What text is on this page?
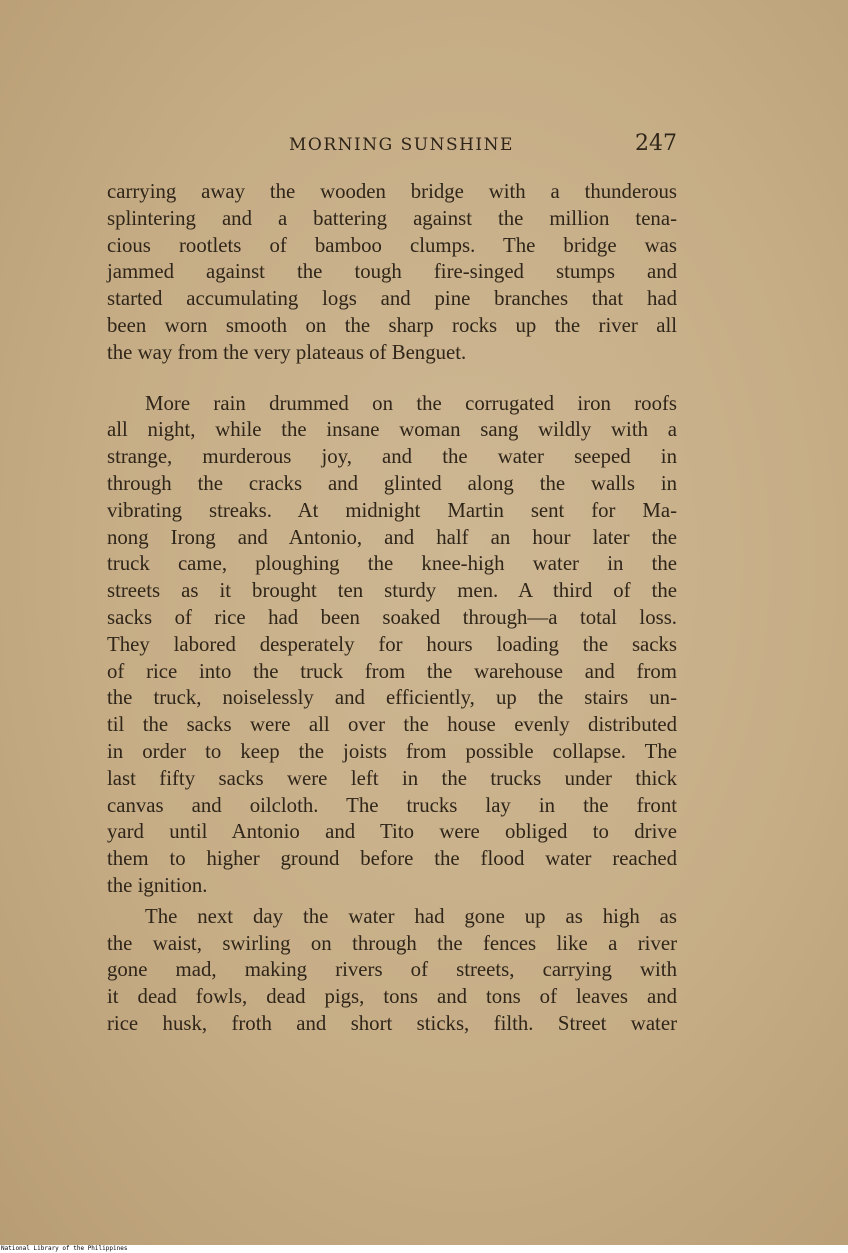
MORNING SUNSHINE	247
carrying away the wooden bridge with a thunderous
splintering and a battering against the million tena-
cious rootlets of bamboo clumps. The bridge was
jammed against the tough fire-singed stumps and
started accumulating logs and pine branches that had
been worn smooth on the sharp rocks up the river all
the way from the very plateaus of Benguet.
More rain drummed on the corrugated iron roofs
all night, while the insane woman sang wildly with a
strange, murderous joy, and the water seeped in
through the cracks and glinted along the walls in
vibrating streaks. At midnight Martin sent for Ma-
nong Irong and Antonio, and half an hour later the
truck came, ploughing the knee-high water in the
streets as it brought ten sturdy men. A third of the
sacks of rice had been soaked through—a total loss.
They labored desperately for hours loading the sacks
of rice into the truck from the warehouse and from
the truck, noiselessly and efficiently, up the stairs un-
til the sacks were all over the house evenly distributed
in order to keep the joists from possible collapse. The
last fifty sacks were left in the trucks under thick
canvas and oilcloth. The trucks lay in the front
yard until Antonio and Tito were obliged to drive
them to higher ground before the flood water reached
the ignition.
The next day the water had gone up as high as
the waist, swirling on through the fences like a river
gone mad, making rivers of streets, carrying with
it dead fowls, dead pigs, tons and tons of leaves and
rice husk, froth and short sticks, filth. Street water
National Library of the Philippines
